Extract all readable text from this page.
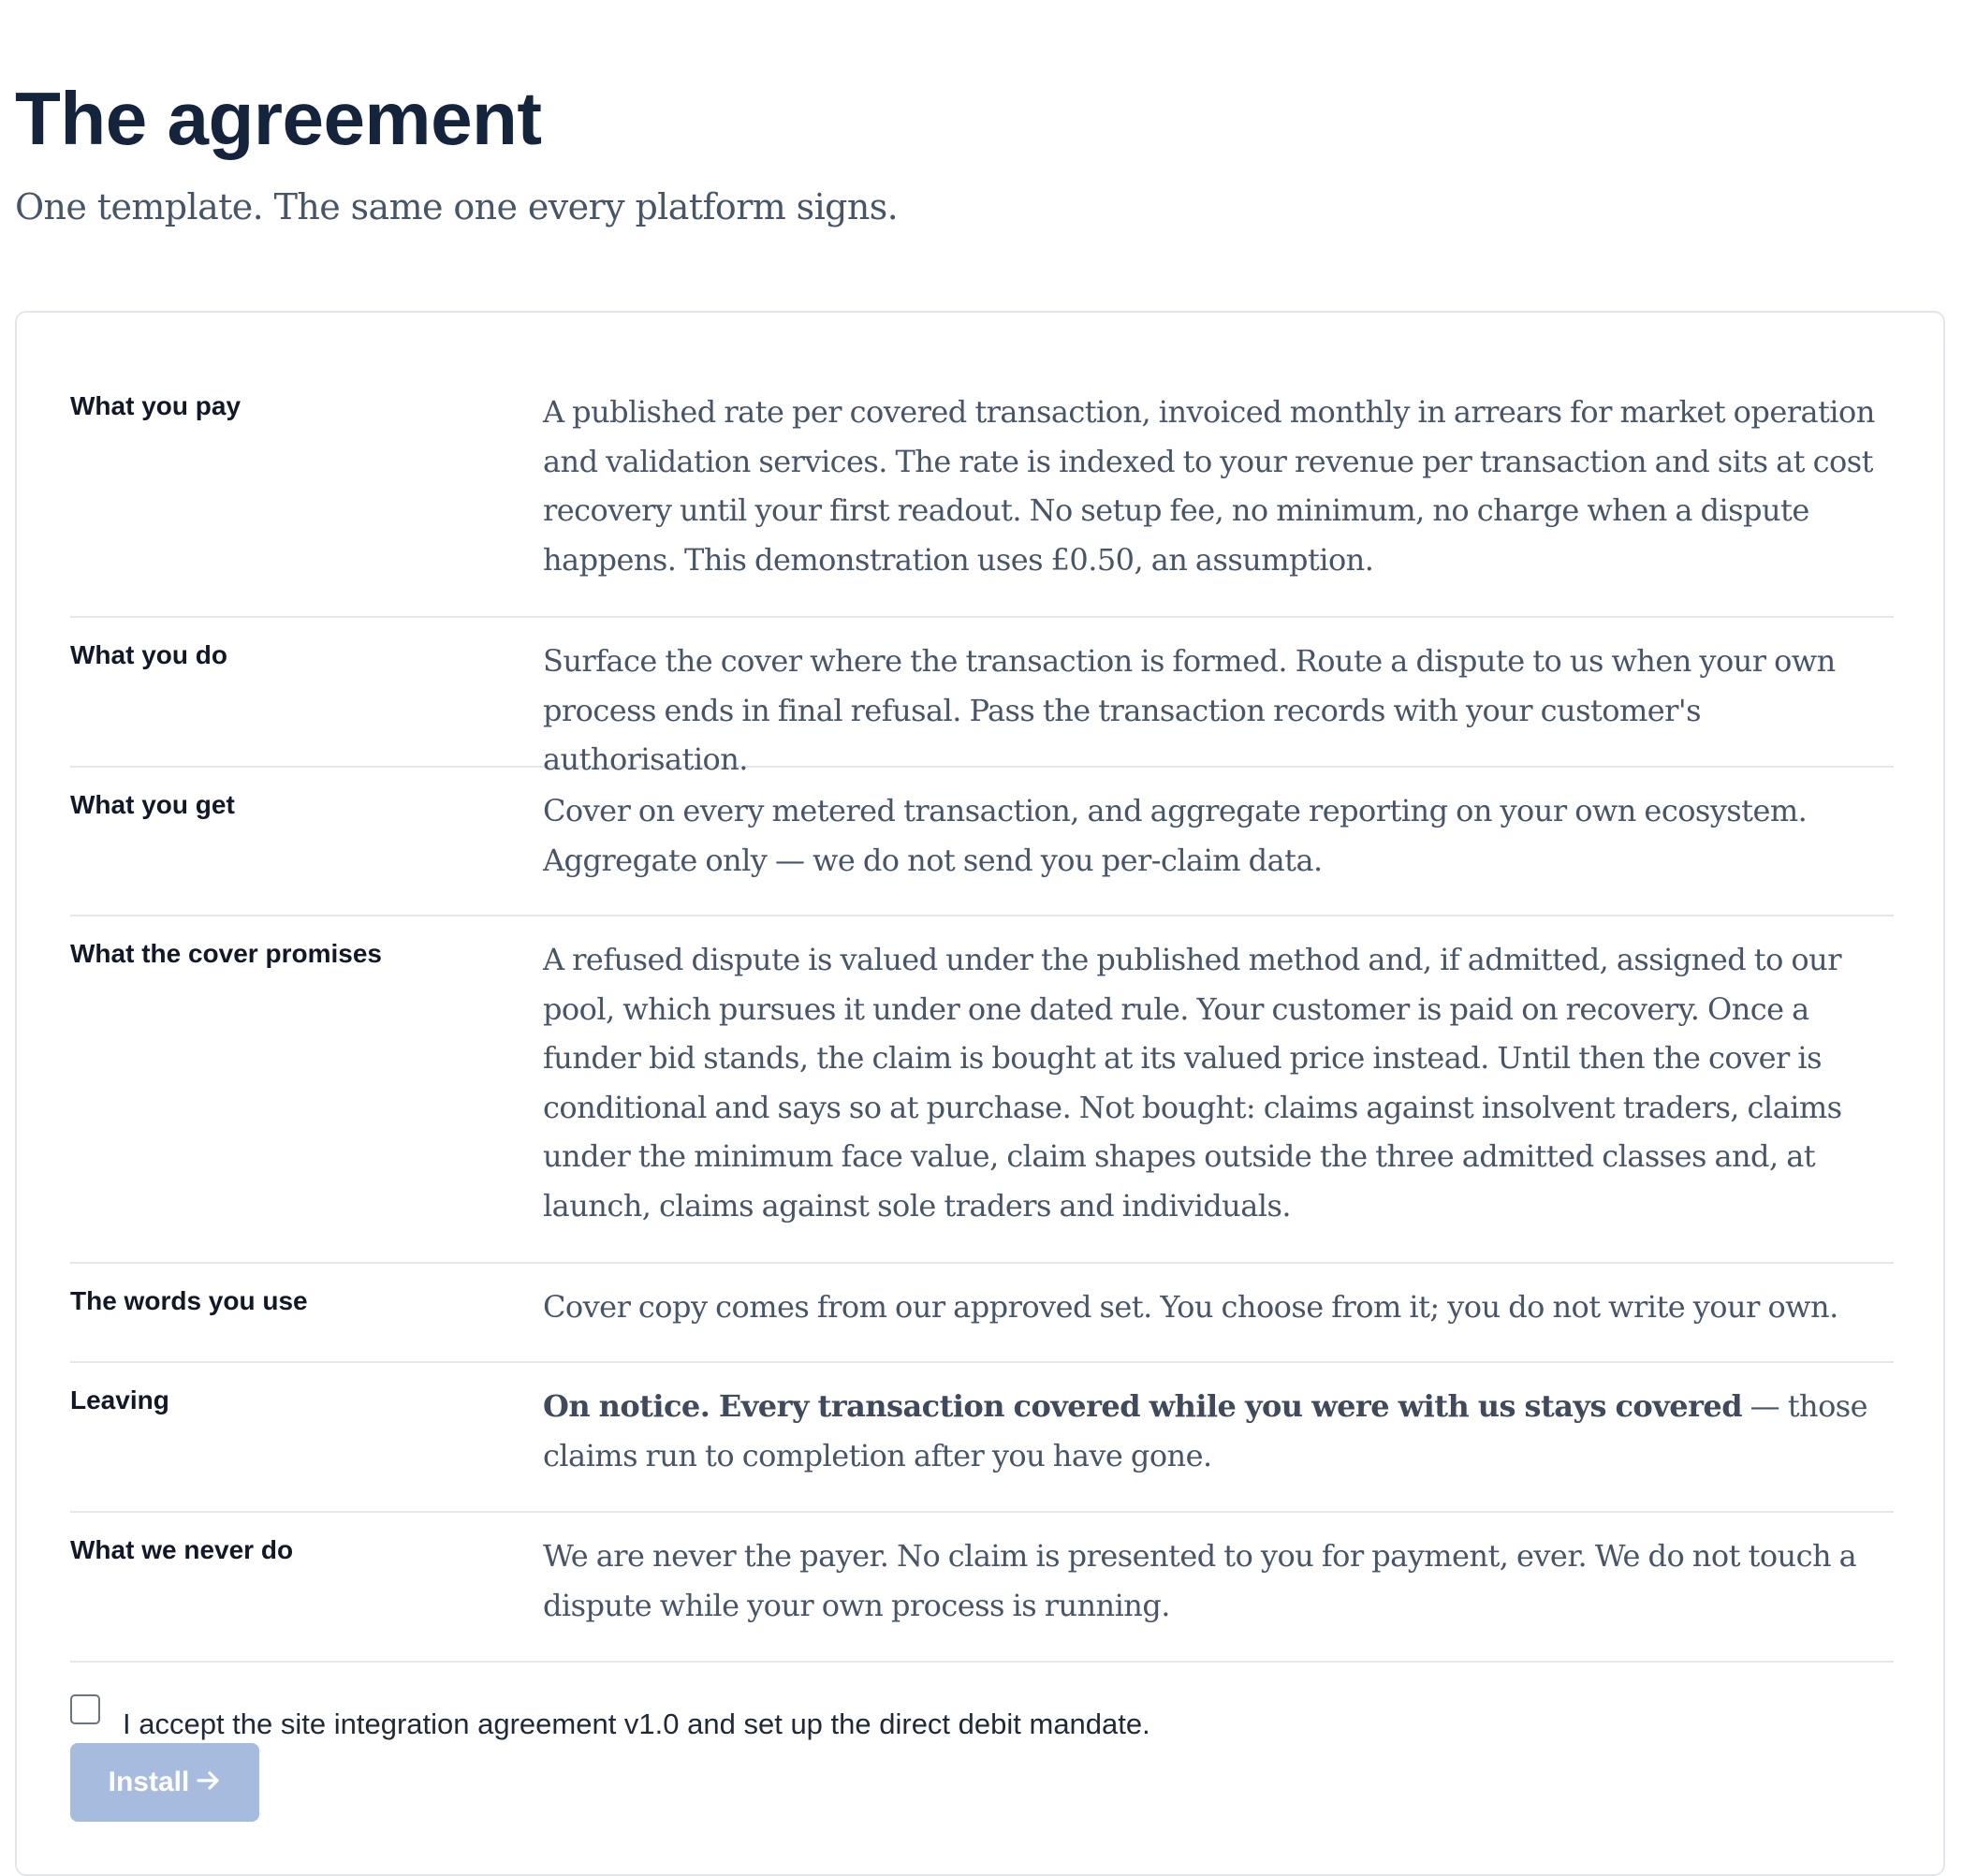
The agreement
One template. The same one every platform signs.
What you pay	A published rate per covered transaction, invoiced monthly in arrears for market operation and validation services. The rate is indexed to your revenue per transaction and sits at cost recovery until your first readout. No setup fee, no minimum, no charge when a dispute happens. This demonstration uses £0.50, an assumption.
What you do	Surface the cover where the transaction is formed. Route a dispute to us when your own process ends in final refusal. Pass the transaction records with your customer's authorisation.
What you get	Cover on every metered transaction, and aggregate reporting on your own ecosystem. Aggregate only — we do not send you per-claim data.
What the cover promises	A refused dispute is valued under the published method and, if admitted, assigned to our pool, which pursues it under one dated rule. Your customer is paid on recovery. Once a funder bid stands, the claim is bought at its valued price instead. Until then the cover is conditional and says so at purchase. Not bought: claims against insolvent traders, claims under the minimum face value, claim shapes outside the three admitted classes and, at launch, claims against sole traders and individuals.
The words you use	Cover copy comes from our approved set. You choose from it; you do not write your own.
Leaving	On notice. Every transaction covered while you were with us stays covered — those claims run to completion after you have gone.
What we never do	We are never the payer. No claim is presented to you for payment, ever. We do not touch a dispute while your own process is running.
I accept the site integration agreement v1.0 and set up the direct debit mandate.
Install
